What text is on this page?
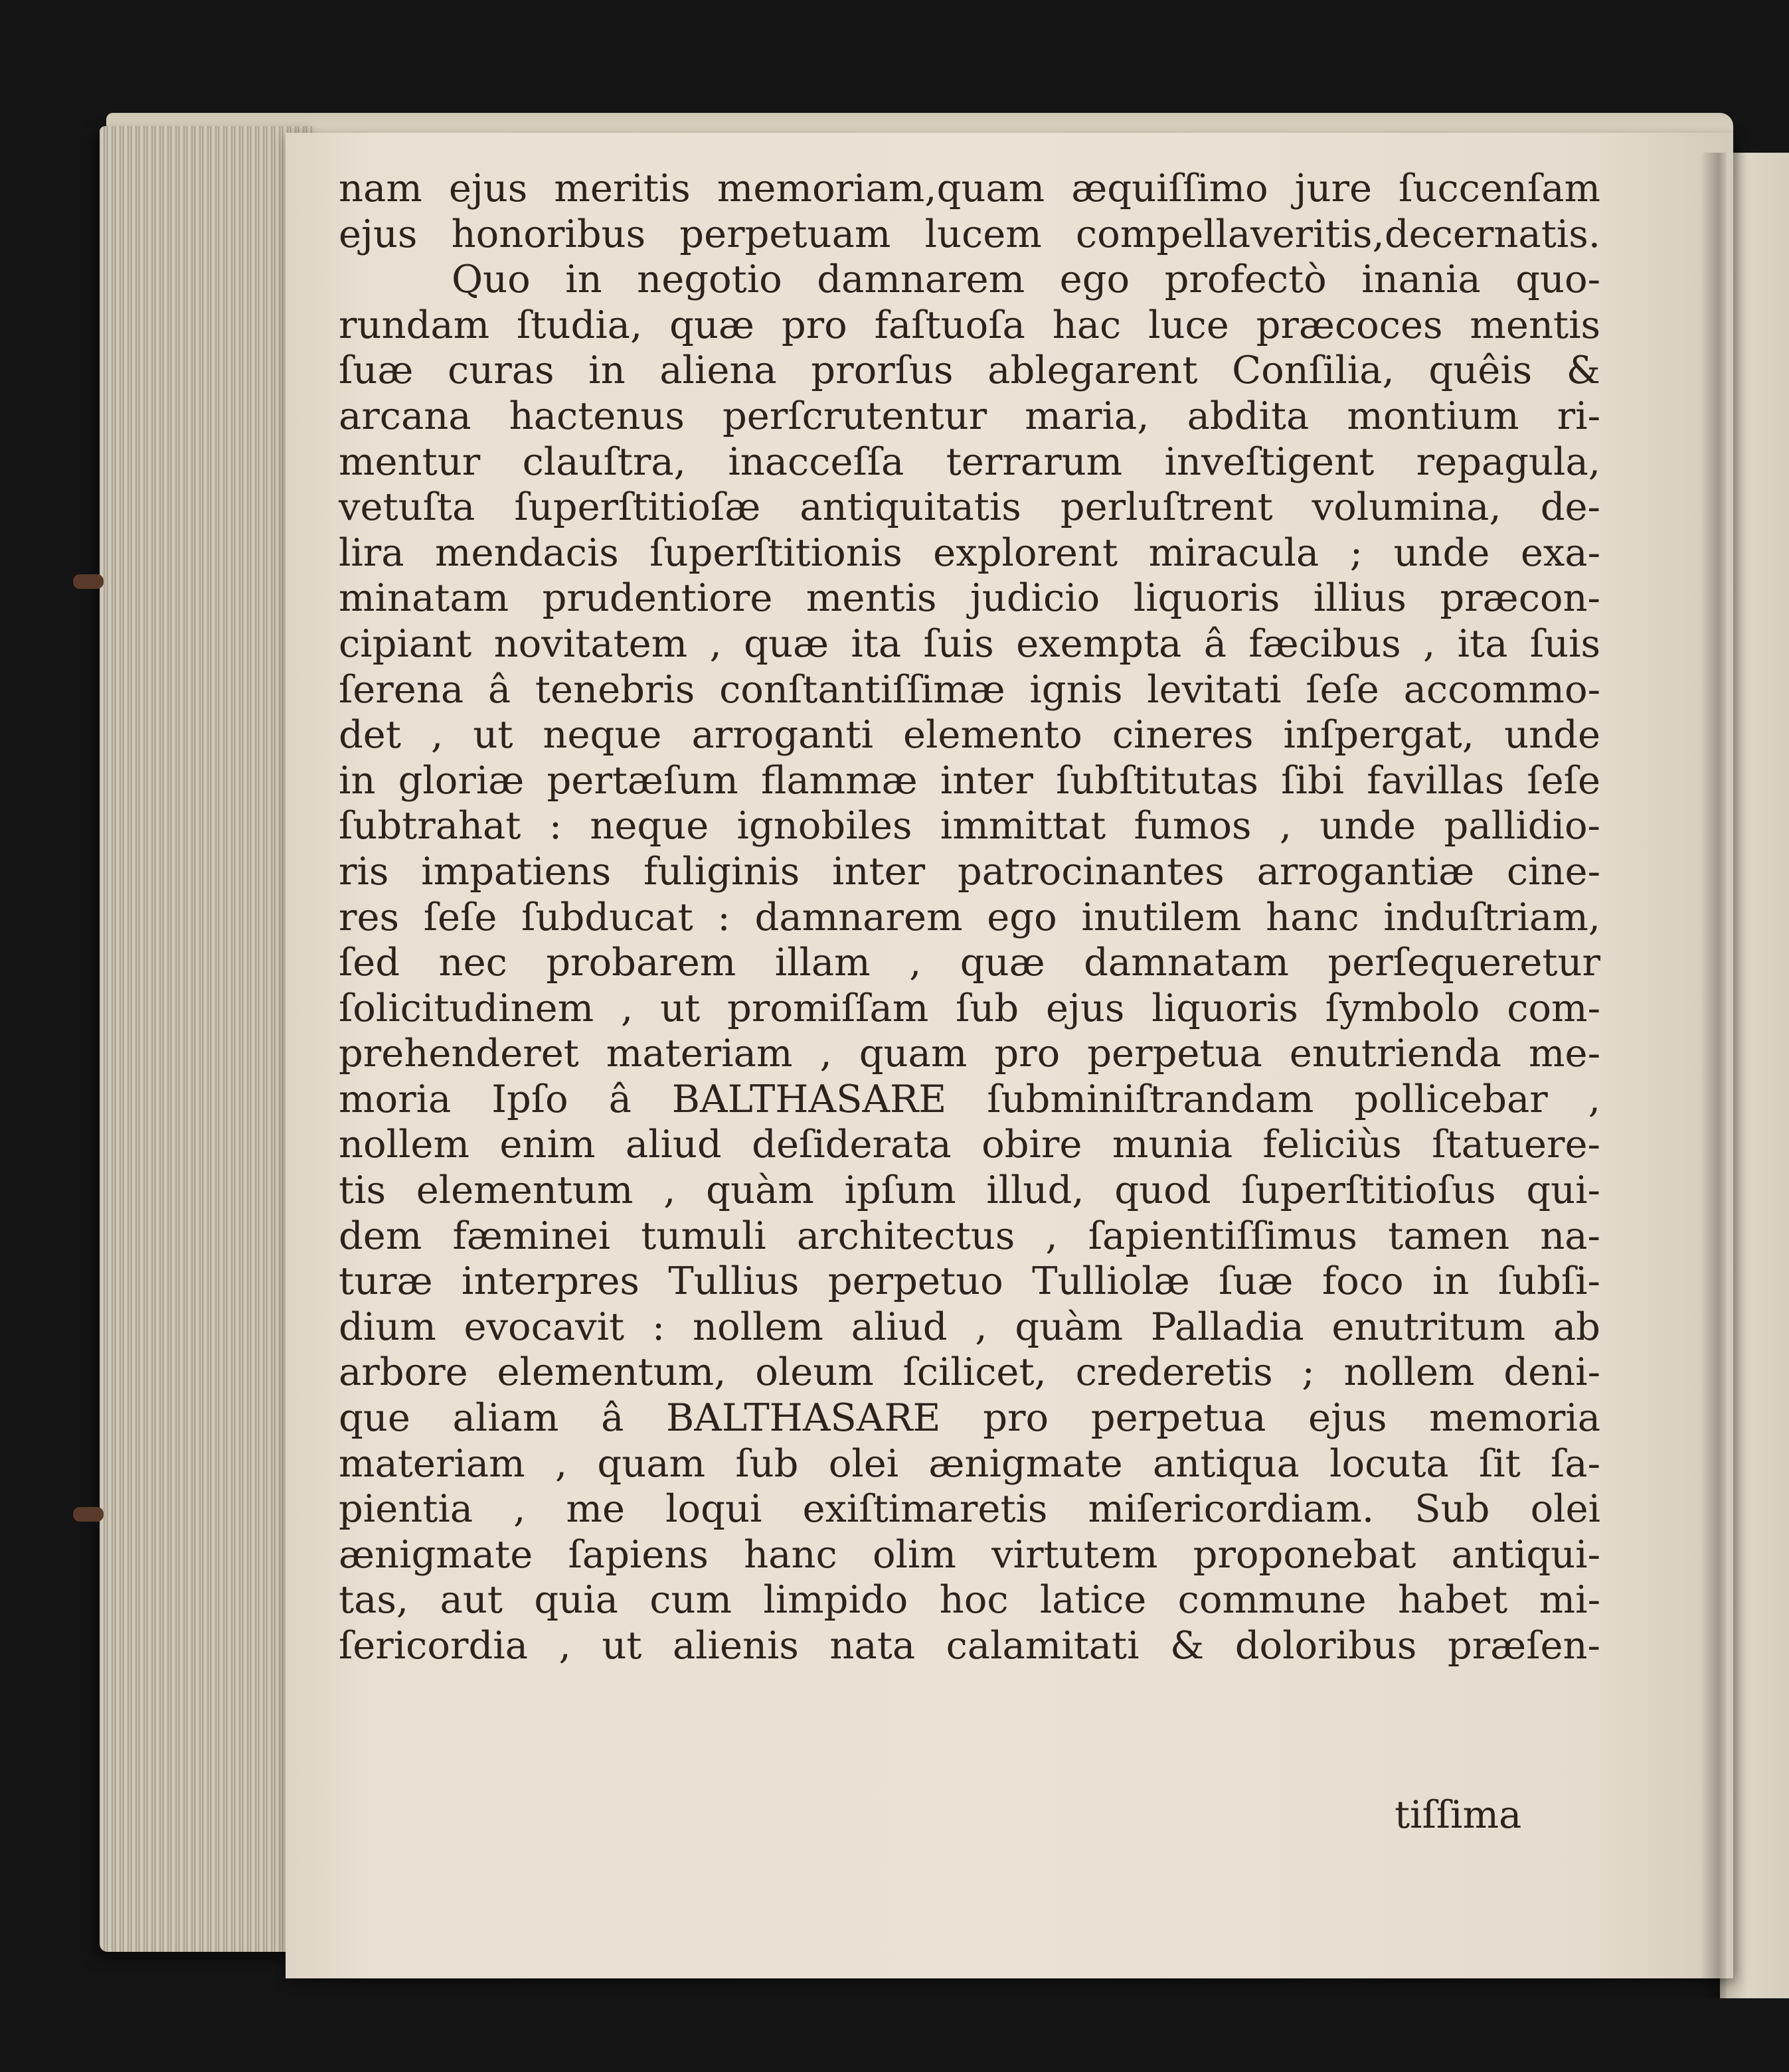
nam ejus meritis memoriam,quam æquiſſimo jure ſuccenſam
ejus honoribus perpetuam lucem compellaveritis,decernatis.
Quo in negotio damnarem ego profectò inania quo-
rundam ſtudia, quæ pro faſtuoſa hac luce præcoces mentis
ſuæ curas in aliena prorſus ablegarent Conſilia, quêis &
arcana hactenus perſcrutentur maria, abdita montium ri-
mentur clauſtra, inacceſſa terrarum inveſtigent repagula,
vetuſta ſuperſtitioſæ antiquitatis perluſtrent volumina, de-
lira mendacis ſuperſtitionis explorent miracula ; unde exa-
minatam prudentiore mentis judicio liquoris illius præcon-
cipiant novitatem , quæ ita ſuis exempta â fæcibus , ita ſuis
ſerena â tenebris conſtantiſſimæ ignis levitati ſeſe accommo-
det , ut neque arroganti elemento cineres inſpergat, unde
in gloriæ pertæſum flammæ inter ſubſtitutas ſibi favillas ſeſe
ſubtrahat : neque ignobiles immittat fumos , unde pallidio-
ris impatiens fuliginis inter patrocinantes arrogantiæ cine-
res ſeſe ſubducat : damnarem ego inutilem hanc induſtriam,
ſed nec probarem illam , quæ damnatam perſequeretur
ſolicitudinem , ut promiſſam ſub ejus liquoris ſymbolo com-
prehenderet materiam , quam pro perpetua enutrienda me-
moria Ipſo â BALTHASARE ſubminiſtrandam pollicebar ,
nollem enim aliud deſiderata obire munia feliciùs ſtatuere-
tis elementum , quàm ipſum illud, quod ſuperſtitioſus qui-
dem fæminei tumuli architectus , ſapientiſſimus tamen na-
turæ interpres Tullius perpetuo Tulliolæ ſuæ foco in ſubſi-
dium evocavit : nollem aliud , quàm Palladia enutritum ab
arbore elementum, oleum ſcilicet, crederetis ; nollem deni-
que aliam â BALTHASARE pro perpetua ejus memoria
materiam , quam ſub olei ænigmate antiqua locuta ſit ſa-
pientia , me loqui exiſtimaretis miſericordiam. Sub olei
ænigmate ſapiens hanc olim virtutem proponebat antiqui-
tas, aut quia cum limpido hoc latice commune habet mi-
ſericordia , ut alienis nata calamitati & doloribus præſen-
tiſſima
